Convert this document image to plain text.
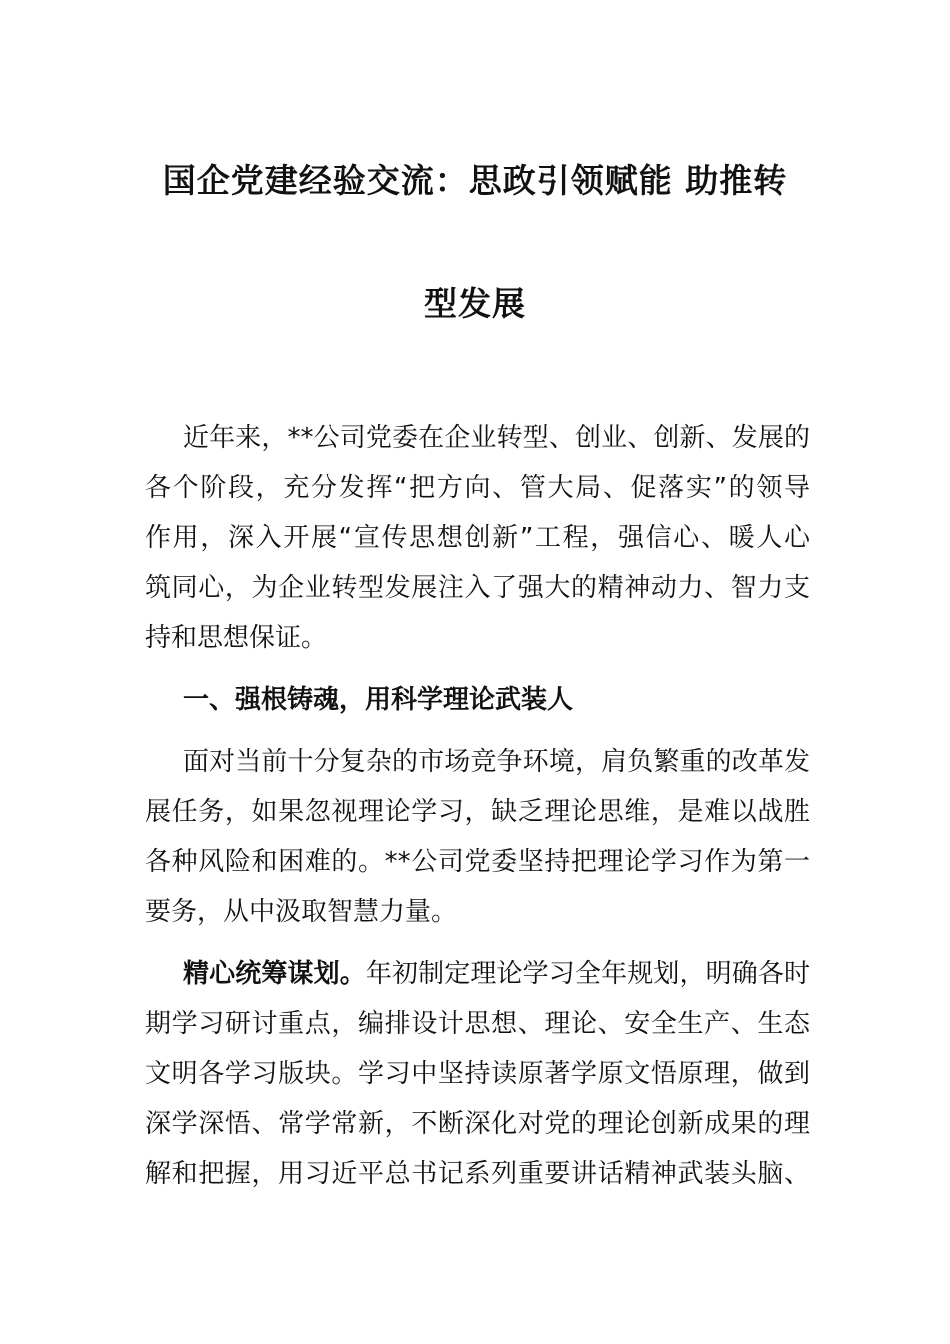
国企党建经验交流：思政引领赋能 助推转
型发展
近年来，**公司党委在企业转型、创业、创新、发展的
各个阶段，充分发挥“把方向、管大局、促落实”的领导
作用，深入开展“宣传思想创新”工程，强信心、暖人心
筑同心，为企业转型发展注入了强大的精神动力、智力支
持和思想保证。
一、强根铸魂，用科学理论武装人
面对当前十分复杂的市场竞争环境，肩负繁重的改革发
展任务，如果忽视理论学习，缺乏理论思维，是难以战胜
各种风险和困难的。**公司党委坚持把理论学习作为第一
要务，从中汲取智慧力量。
精心统筹谋划。年初制定理论学习全年规划，明确各时
期学习研讨重点，编排设计思想、理论、安全生产、生态
文明各学习版块。学习中坚持读原著学原文悟原理，做到
深学深悟、常学常新，不断深化对党的理论创新成果的理
解和把握，用习近平总书记系列重要讲话精神武装头脑、
